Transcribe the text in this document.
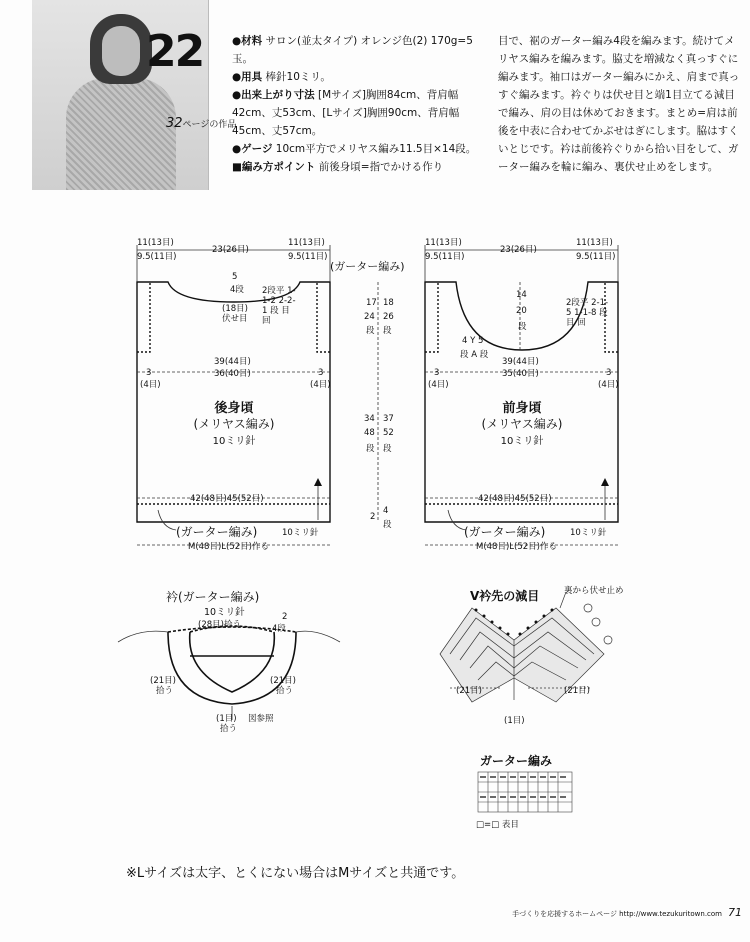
22
32ページの作品

●材料 サロン(並太タイプ) オレンジ色(2) 170g=5玉。

●用具 棒針10ミリ。

●出来上がり寸法 [Mサイズ]胸囲84cm、背肩幅42cm、丈53cm、[Lサイズ]胸囲90cm、背肩幅45cm、丈57cm。

●ゲージ 10cm平方でメリヤス編み11.5目×14段。

■編み方ポイント 前後身頃=指でかける作り

目で、裾のガーター編み4段を編みます。続けてメリヤス編みを編みます。脇丈を増減なく真っすぐに編みます。袖口はガーター編みにかえ、肩まで真っすぐ編みます。衿ぐりは伏せ目と端1目立てる減目で編み、肩の目は休めておきます。まとめ=肩は前後を中表に合わせてかぶせはぎにします。脇はすくいとじです。衿は前後衿ぐりから拾い目をして、ガーター編みを輪に編み、裏伏せ止めをします。

11(13目)
9.5(11目)
23(26目)
11(13目)
9.5(11目)
5
4段 2段平 1-1-2 2-2-1 段 目 回
(18目)
伏せ目
39(44目)
36(40目)
3
(4目)
3
(4目)
後身頃
(メリヤス編み)
10ミリ針
42(48目)45(52目)
(ガーター編み)	10ミリ針
M(48目)L(52目)作る
(ガーター編み)
17 18
24 26
段 段
34 37
48 52
段 段
2
4
段
11(13目)
9.5(11目)
23(26目)
11(13目)
9.5(11目)
14
20
段
2段平 2-1-5 1-1-8 段 目 回
4 Y 5
段 A 段
39(44目)
35(40目)
3
(4目)
3
(4目)
前身頃
(メリヤス編み)
10ミリ針
42(48目)45(52目)
(ガーター編み)	10ミリ針
M(48目)L(52目)作る
衿(ガーター編み)
10ミリ針
(28目)拾う
2
4段
(21目)
拾う
(21目)
拾う
(1目)
拾う
図参照
V衿先の減目	裏から伏せ止め
(21目)	(21目)
(1目)
ガーター編み
□=□ 表目
※Lサイズは太字、とくにない場合はMサイズと共通です。
手づくりを応援するホームページ http://www.tezukuritown.com 71
